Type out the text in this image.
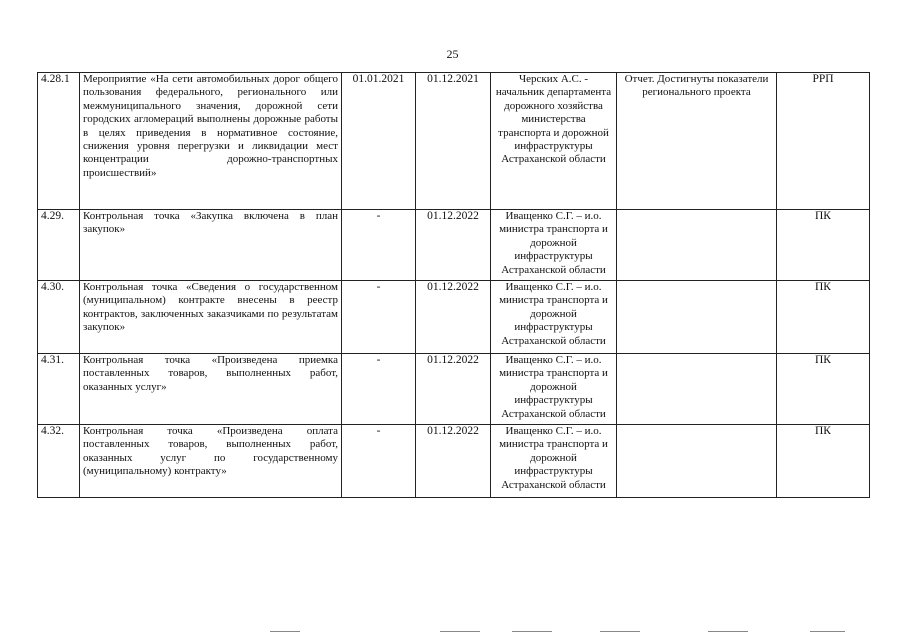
25
4.28.1	Мероприятие «На сети автомобильных дорог общего пользования федерального, регионального или межмуниципального значения, дорожной сети городских агломераций выполнены дорожные работы в целях приведения в нормативное состояние, снижения уровня перегрузки и ликвидации мест концентрации дорожно-транспортных происшествий»	01.01.2021	01.12.2021	Черских А.С. - начальник департамента дорожного хозяйства министерства транспорта и дорожной инфраструктуры Астраханской области	Отчет. Достигнуты показатели регионального проекта	РРП
4.29.	Контрольная точка «Закупка включена в план закупок»	-	01.12.2022	Иващенко С.Г. – и.о. министра транспорта и дорожной инфраструктуры Астраханской области		ПК
4.30.	Контрольная точка «Сведения о государственном (муниципальном) контракте внесены в реестр контрактов, заключенных заказчиками по результатам закупок»	-	01.12.2022	Иващенко С.Г. – и.о. министра транспорта и дорожной инфраструктуры Астраханской области		ПК
4.31.	Контрольная точка «Произведена приемка поставленных товаров, выполненных работ, оказанных услуг»	-	01.12.2022	Иващенко С.Г. – и.о. министра транспорта и дорожной инфраструктуры Астраханской области		ПК
4.32.	Контрольная точка «Произведена оплата поставленных товаров, выполненных работ, оказанных услуг по государственному (муниципальному) контракту»	-	01.12.2022	Иващенко С.Г. – и.о. министра транспорта и дорожной инфраструктуры Астраханской области		ПК
